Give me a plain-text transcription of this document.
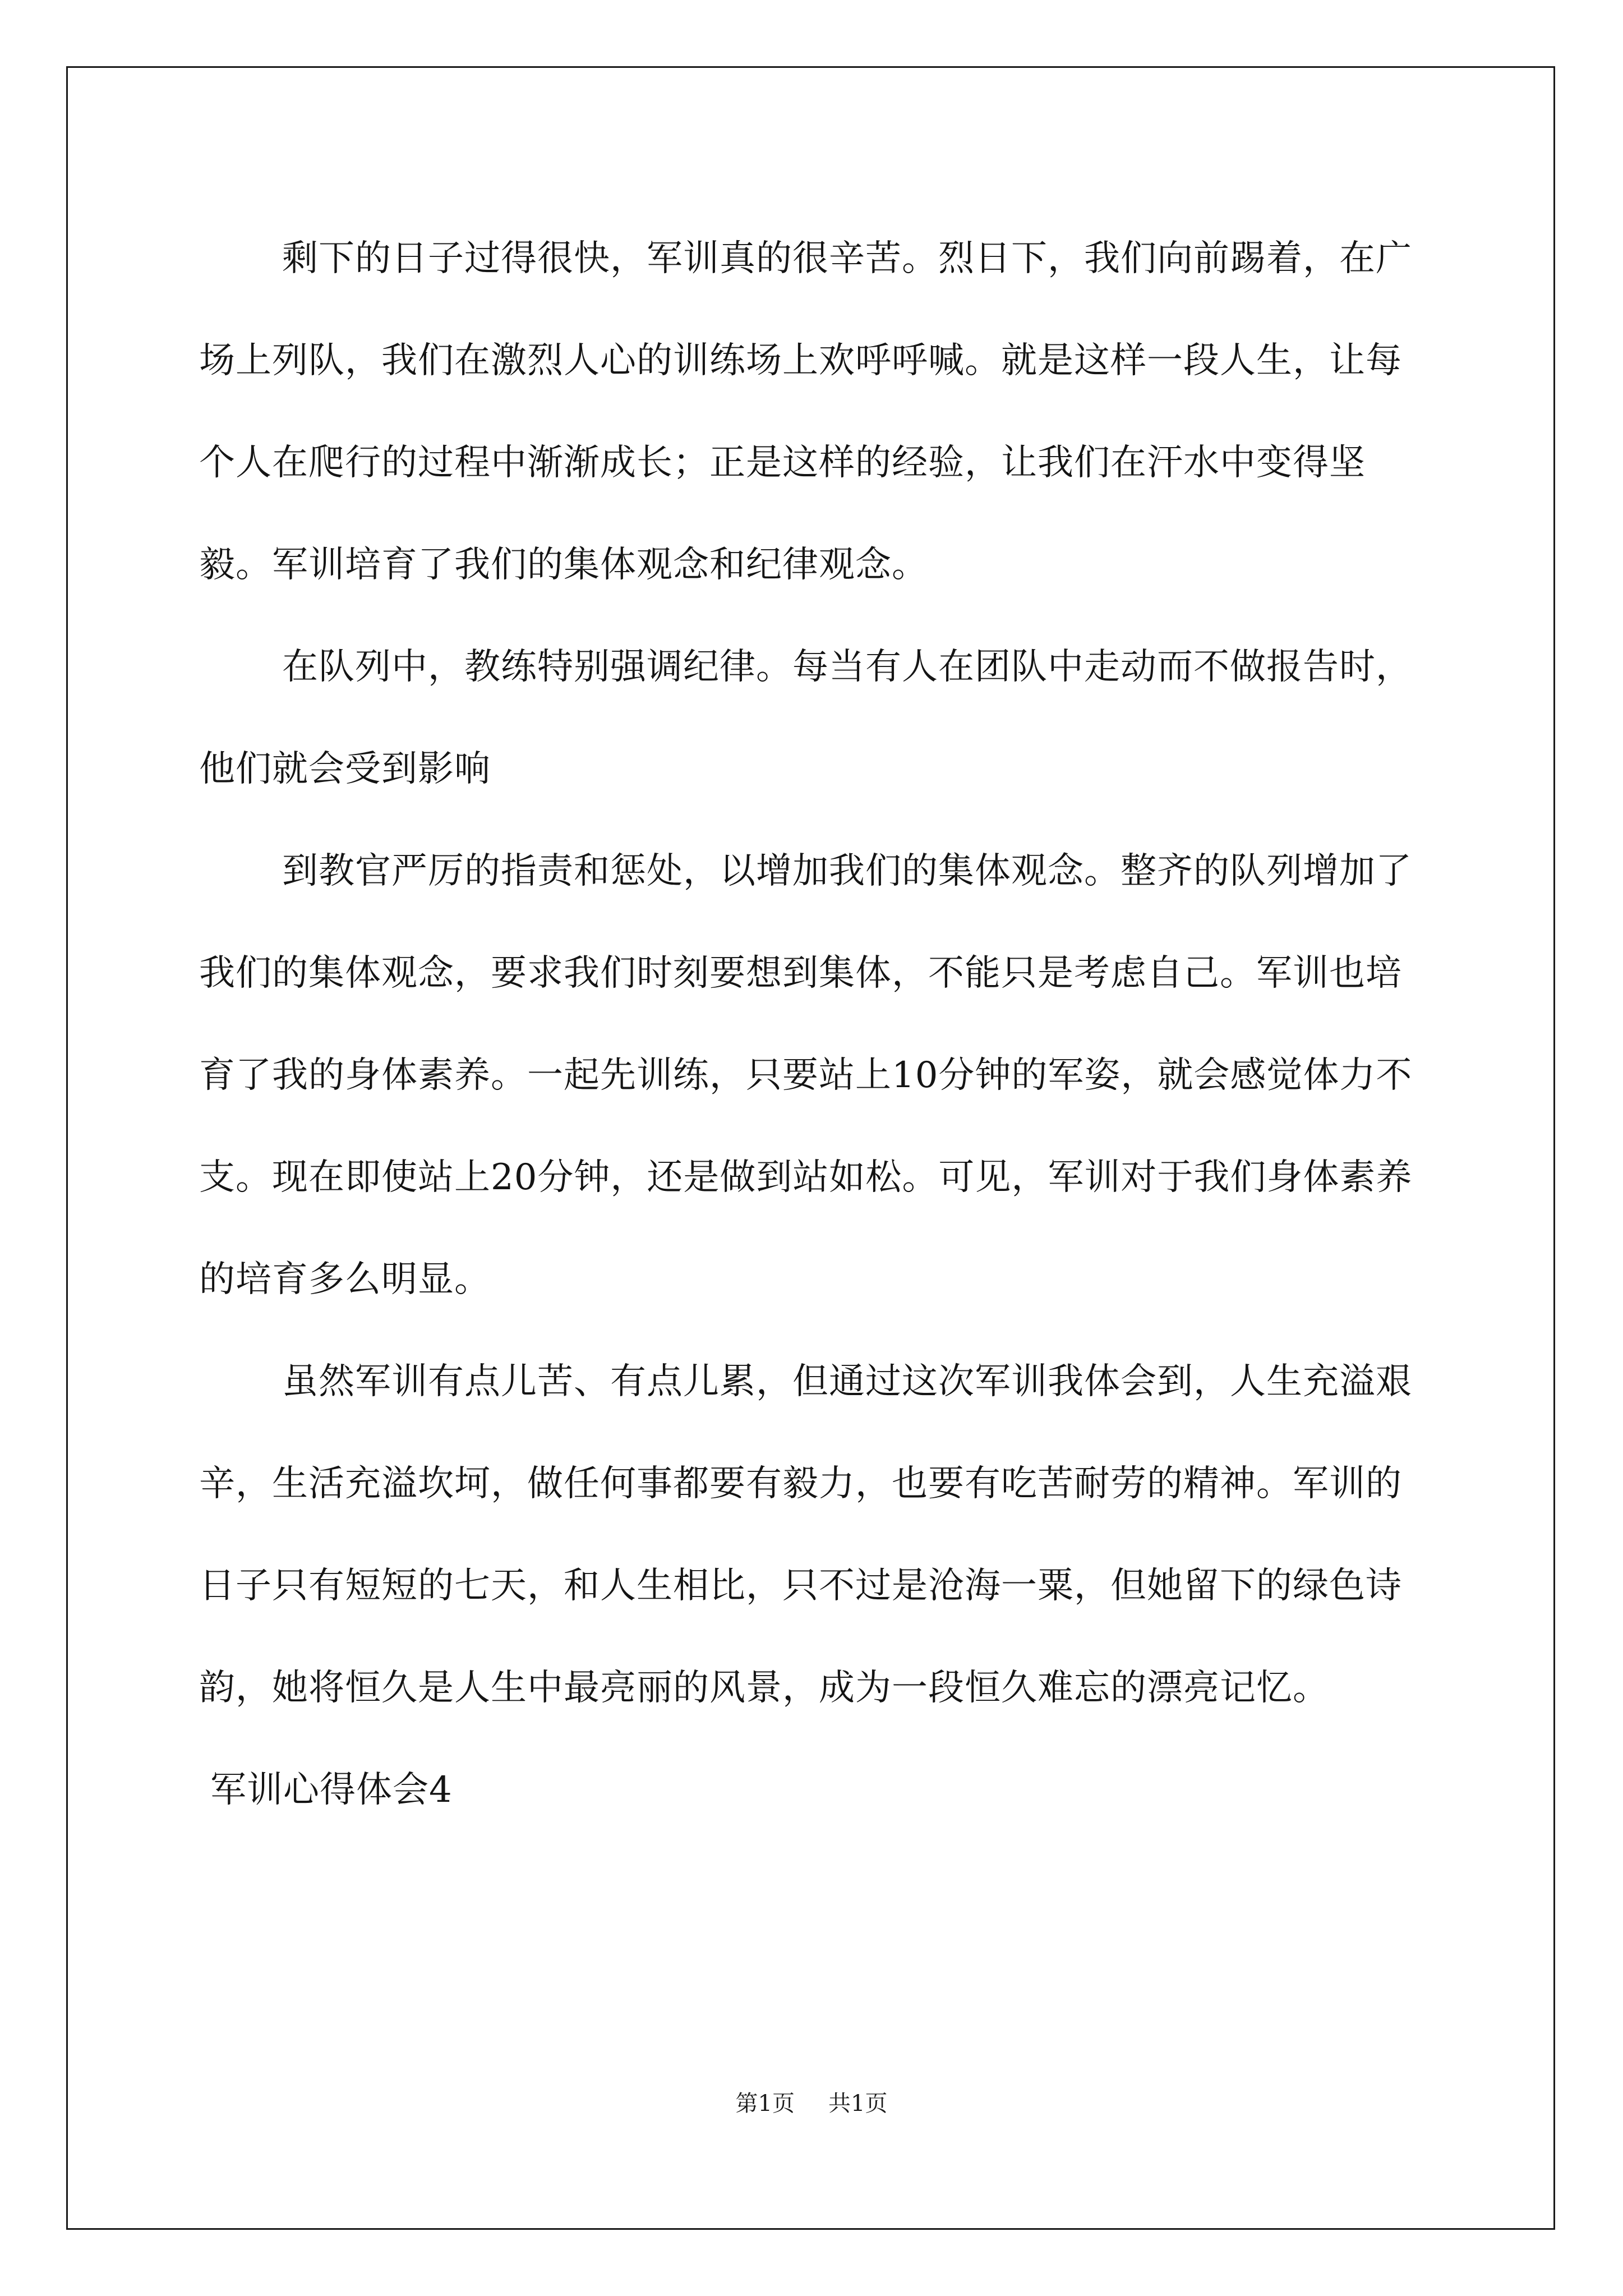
剩下的日子过得很快，军训真的很辛苦。烈日下，我们向前踢着，在广场上列队，我们在激烈人心的训练场上欢呼呼喊。就是这样一段人生，让每个人在爬行的过程中渐渐成长；正是这样的经验，让我们在汗水中变得坚毅。军训培育了我们的集体观念和纪律观念。

在队列中，教练特别强调纪律。每当有人在团队中走动而不做报告时，他们就会受到影响

到教官严厉的指责和惩处，以增加我们的集体观念。整齐的队列增加了我们的集体观念，要求我们时刻要想到集体，不能只是考虑自己。军训也培育了我的身体素养。一起先训练，只要站上10分钟的军姿，就会感觉体力不支。现在即使站上20分钟，还是做到站如松。可见，军训对于我们身体素养的培育多么明显。

虽然军训有点儿苦、有点儿累，但通过这次军训我体会到，人生充溢艰辛，生活充溢坎坷，做任何事都要有毅力，也要有吃苦耐劳的精神。军训的日子只有短短的七天，和人生相比，只不过是沧海一粟，但她留下的绿色诗韵，她将恒久是人生中最亮丽的风景，成为一段恒久难忘的漂亮记忆。

军训心得体会4

第1页 共1页
